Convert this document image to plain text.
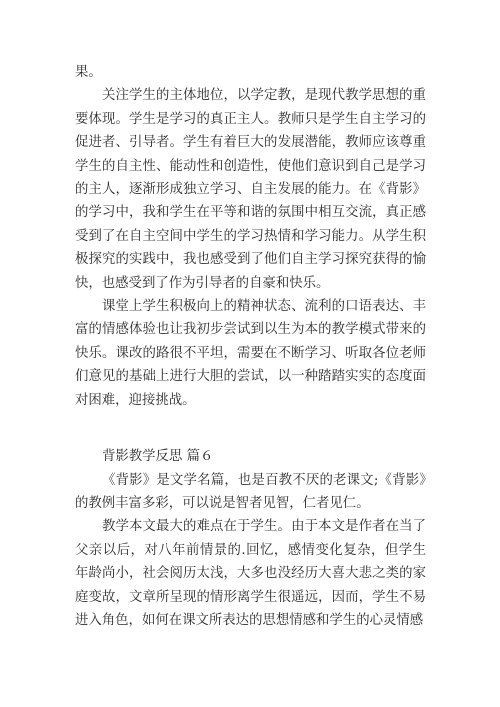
果。

关注学生的主体地位，以学定教，是现代教学思想的重要体现。学生是学习的真正主人。教师只是学生自主学习的促进者、引导者。学生有着巨大的发展潜能，教师应该尊重学生的自主性、能动性和创造性，使他们意识到自己是学习的主人，逐渐形成独立学习、自主发展的能力。在《背影》的学习中，我和学生在平等和谐的氛围中相互交流，真正感受到了在自主空间中学生的学习热情和学习能力。从学生积极探究的实践中，我也感受到了他们自主学习探究获得的愉快，也感受到了作为引导者的自豪和快乐。

课堂上学生积极向上的精神状态、流利的口语表达、丰富的情感体验也让我初步尝试到以生为本的教学模式带来的快乐。课改的路很不平坦，需要在不断学习、听取各位老师们意见的基础上进行大胆的尝试，以一种踏踏实实的态度面对困难，迎接挑战。

背影教学反思 篇６

《背影》是文学名篇，也是百教不厌的老课文;《背影》的教例丰富多彩，可以说是智者见智，仁者见仁。

教学本文最大的难点在于学生。由于本文是作者在当了父亲以后，对八年前情景的.回忆，感情变化复杂，但学生年龄尚小，社会阅历太浅，大多也没经历大喜大悲之类的家庭变故，文章所呈现的情形离学生很遥远，因而，学生不易进入角色，如何在课文所表达的思想情感和学生的心灵情感
